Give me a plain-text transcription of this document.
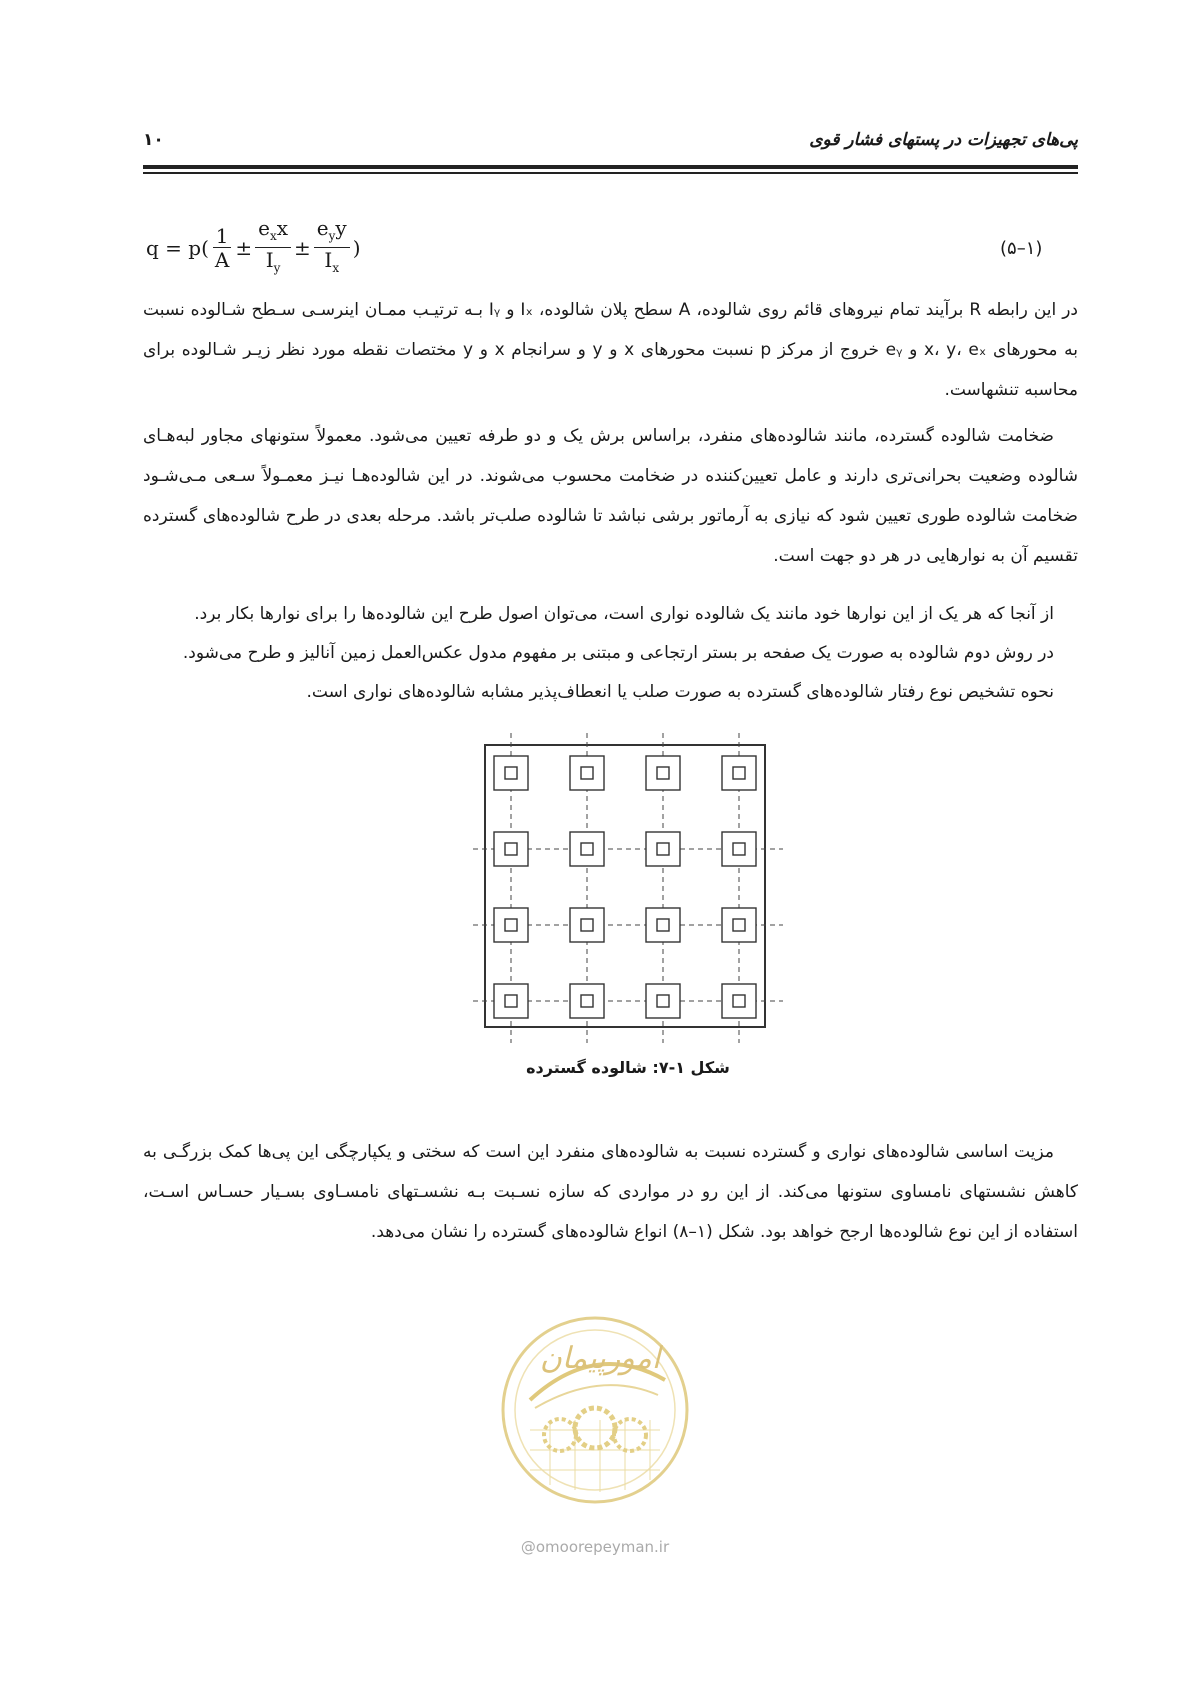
۱۰	پی‌های تجهیزات در پستهای فشار قوی
$q = p( \frac{1}{A} \pm \frac{e_xx}{I_y} \pm \frac{e_yy}{I_x}$ )	(۵–۱)

در این رابطه R برآیند تمام نیروهای قائم روی شالوده، A سطح پلان شالوده، Iₓ و Iᵧ بـه ترتیـب ممـان اینرسـی سـطح شـالوده نسبت به محورهای x، y، eₓ و eᵧ خروج از مرکز p نسبت محورهای x و y و سرانجام x و y مختصات نقطه مورد نظر زیـر شـالوده برای محاسبه تنشهاست.

ضخامت شالوده گسترده، مانند شالوده‌های منفرد، براساس برش یک و دو طرفه تعیین می‌شود. معمولاً ستونهای مجاور لبه‌هـای شالوده وضعیت بحرانی‌تری دارند و عامل تعیین‌کننده در ضخامت محسوب می‌شوند. در این شالوده‌هـا نیـز معمـولاً سـعی مـی‌شـود ضخامت شالوده طوری تعیین شود که نیازی به آرماتور برشی نباشد تا شالوده صلب‌تر باشد. مرحله بعدی در طرح شالوده‌های گسترده تقسیم آن به نوارهایی در هر دو جهت است.

از آنجا که هر یک از این نوارها خود مانند یک شالوده نواری است، می‌توان اصول طرح این شالوده‌ها را برای نوارها بکار برد.

در روش دوم شالوده به صورت یک صفحه بر بستر ارتجاعی و مبتنی بر مفهوم مدول عکس‌العمل زمین آنالیز و طرح می‌شود.

نحوه تشخیص نوع رفتار شالوده‌های گسترده به صورت صلب یا انعطاف‌پذیر مشابه شالوده‌های نواری است.

شکل ۱-۷: شالوده گسترده

مزیت اساسی شالوده‌های نواری و گسترده نسبت به شالوده‌های منفرد این است که سختی و یکپارچگی این پی‌ها کمک بزرگـی به کاهش نشستهای نامساوی ستونها می‌کند. از این رو در مواردی که سازه نسـبت بـه نشسـتهای نامسـاوی بسـیار حسـاس اسـت، استفاده از این نوع شالوده‌ها ارجح خواهد بود. شکل (۱–۸) انواع شالوده‌های گسترده را نشان می‌دهد.

امورپیمان
@omoorepeyman.ir
